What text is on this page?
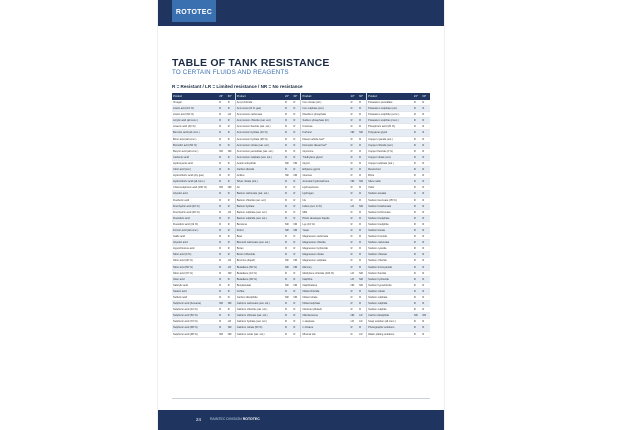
ROTOTEC
TABLE OF TANK RESISTANCE
TO CERTAIN FLUIDS AND REAGENTS
R = Resistant / LR = Limited resistance / NR = No resistance
Product	23°	60°	Product	23°	60°	Product	23°	60°	Product	23°	60°
Vinegar	R	R	Amyl chloride	R	R	Iron nitrate (sol.)	R	R	Potassium persulfate	R	R
Acetic acid (10 %)	R	R	Ammonia (10 % gas)	R	R	Iron sulphate (sol.)	R	R	Potassium sulphate (sol.)	R	R
Acetic acid (60 %)	R	LR	Ammonium carbonate	R	R	Disodium phosphate	R	R	Potassium sulphide (conc.)	R	R
Acrylic acid (all conc.)	R	R	Ammonium chloride (sat. sol.)	R	R	Sodium phosphate (tri)	R	R	Potassium sulphite (conc.)	R	R
Arsenic acid (40 %)	R	R	Ammonium fluoride (sat. sol.)	R	R	Fructose	R	R	Phosphoric acid (25 %)	R	R
Benzoic acid (all conc.)	R	R	Ammonium hydrate (10 %)	R	R	Furfural	NR	NR	Propylene glycol	R	R
Boric acid (all conc.)	R	R	Ammonium hydrate (28 %)	R	R	Diesel vehicle fuel*	R	R	Copper cyanide (sol.)	R	R
Bromidic acid (50 %)	R	R	Ammonium nitrate (sat. sol.)	R	R	Domestic diesel fuel*	R	R	Copper chloride (sol.)	R	R
Butyric acid (all conc.)	NR	NR	Ammonium persulfate (sat. sol.)	R	R	Glycerine	R	R	Copper fluoride (2 %)	R	R
Carbonic acid	R	R	Ammonium sulphate (sat. sol.)	R	R	Triethylene glycol	R	R	Copper nitrate (sol.)	R	R
Hydrocyanic acid	R	R	Acetic anhydride	NR	NR	Glycol	R	R	Copper sulphate (sol.)	R	R
Citric acid (sol.)	R	R	Carbon dioxide	R	R	Ethylene glycol	R	R	Resorcinol	R	R
Hydrochloric acid (dry gas)	R	R	Aniline	NR	NR	Glucose	R	R	Brine	R	R
Hydrochloric acid (all conc.)	R	R	Silver nitrate (sol.)	R	R	Aromatic hydrocarbons	NR	NR	Silver salts	R	R
Chlorosulphonic acid (100 %)	NR	NR	Air	R	R	Hydroquinone	R	R	Cider	R	R
Glycolic acid	R	R	Barium carbonate (sat. sol.)	R	R	Hydrogen	R	R	Sodium acetate	R	R
Fluoboric acid	R	R	Barium chloride (sat. sol.)	R	R	Ink	R	R	Sodium benzoate (35 %)	R	R
Fluorhydric acid (40 %)	R	R	Barium hydrate	R	R	Iodine (sol. in KI)	LR	NR	Sodium bicarbonate	R	R
Fluorhydric acid (60 %)	R	LR	Barium sulphate (sat. sol.)	R	R	Milk	R	R	Sodium bichromate	R	R
Fluosilicic acid	R	R	Barium sulphide (sat. sol.)	R	R	Photo developer liquids	R	R	Sodium bisulphate	R	R
Fluosilicic acid (32 %)	R	R	Benzene	NR	NR	Lye (10 %)	R	R	Sodium bisulphite	R	R
Formic acid (all conc.)	R	R	Petrol	NR	NR	Yeast	R	R	Sodium borate	R	R
Gallic acid	R	R	Beer	R	R	Magnesium carbonate	R	R	Sodium bromide	R	R
Glycolic acid	R	R	Bismuth carbonate (sat. sol.)	R	R	Magnesium chloride	R	R	Sodium carbonate	R	R
Hypochlorous acid	R	R	Borax	R	R	Magnesium hydroxide	R	R	Sodium cyanide	R	R
Nitric acid (0 %)	R	R	Boron trifluoride	R	R	Magnesium nitrate	R	R	Sodium chlorate	R	R
Nitric acid (30 %)	R	LR	Bromine (liquid)	NR	NR	Magnesium sulphate	R	R	Sodium chloride	R	R
Nitric acid (50 %)	R	LR	Butadiene (50 %)	NR	NR	Mercury	R	R	Sodium ferrocyanide	R	R
Nitric acid (70 %)	R	NR	Butadiene (10 %)	R	R	Methylene chloride (100 %)	LR	NR	Sodium fluoride	R	R
Oleic acid	R	R	Butadiene (90 %)	R	R	Naphtha	LR	NR	Sodium hydroxide	R	R
Salicylic acid	R	R	Butylacetate	NR	NR	Naphthalene	NR	NR	Sodium hypochlorite	R	R
Stearic acid	R	R	Coffee	R	R	Nickel chloride	R	R	Sodium nitrate	R	R
Sulfuric acid	R	R	Carbon disulphide	NR	NR	Nickel nitrate	R	R	Sodium sulphate	R	R
Sulphuric acid (fumante)	NR	NR	Calcium carbonate (sat. sol.)	R	R	Nickel sulphate	R	R	Sodium sulphide	R	R
Sulphuric acid (10 %)	R	R	Calcium chloride (sat. sol.)	R	R	Nicotine (diluted)	R	R	Sodium sulphite	R	R
Sulphuric acid (50 %)	R	R	Calcium chlorate (sat. sol.)	R	R	Nitrobenzene	NR	LR	Carbon disulphide	NR	NR
Sulphuric acid (70 %)	R	LR	Calcium hydrate (sat. sol.)	R	R	n-Heptane	LR	LR	Soap solution (all conc.)	R	R
Sulphuric acid (98 %)	R	NR	Calcium nitrate (50 %)	R	R	n-Octane	R	R	Photographic solutions	R	R
Sulphuric acid (98 %)	NR	NR	Calcium oxide (sat. sol.)	R	R	Mineral oils	R	LR	Water plating solutions	R	R
24	RAINTEC DIVISION ROTOTEC
